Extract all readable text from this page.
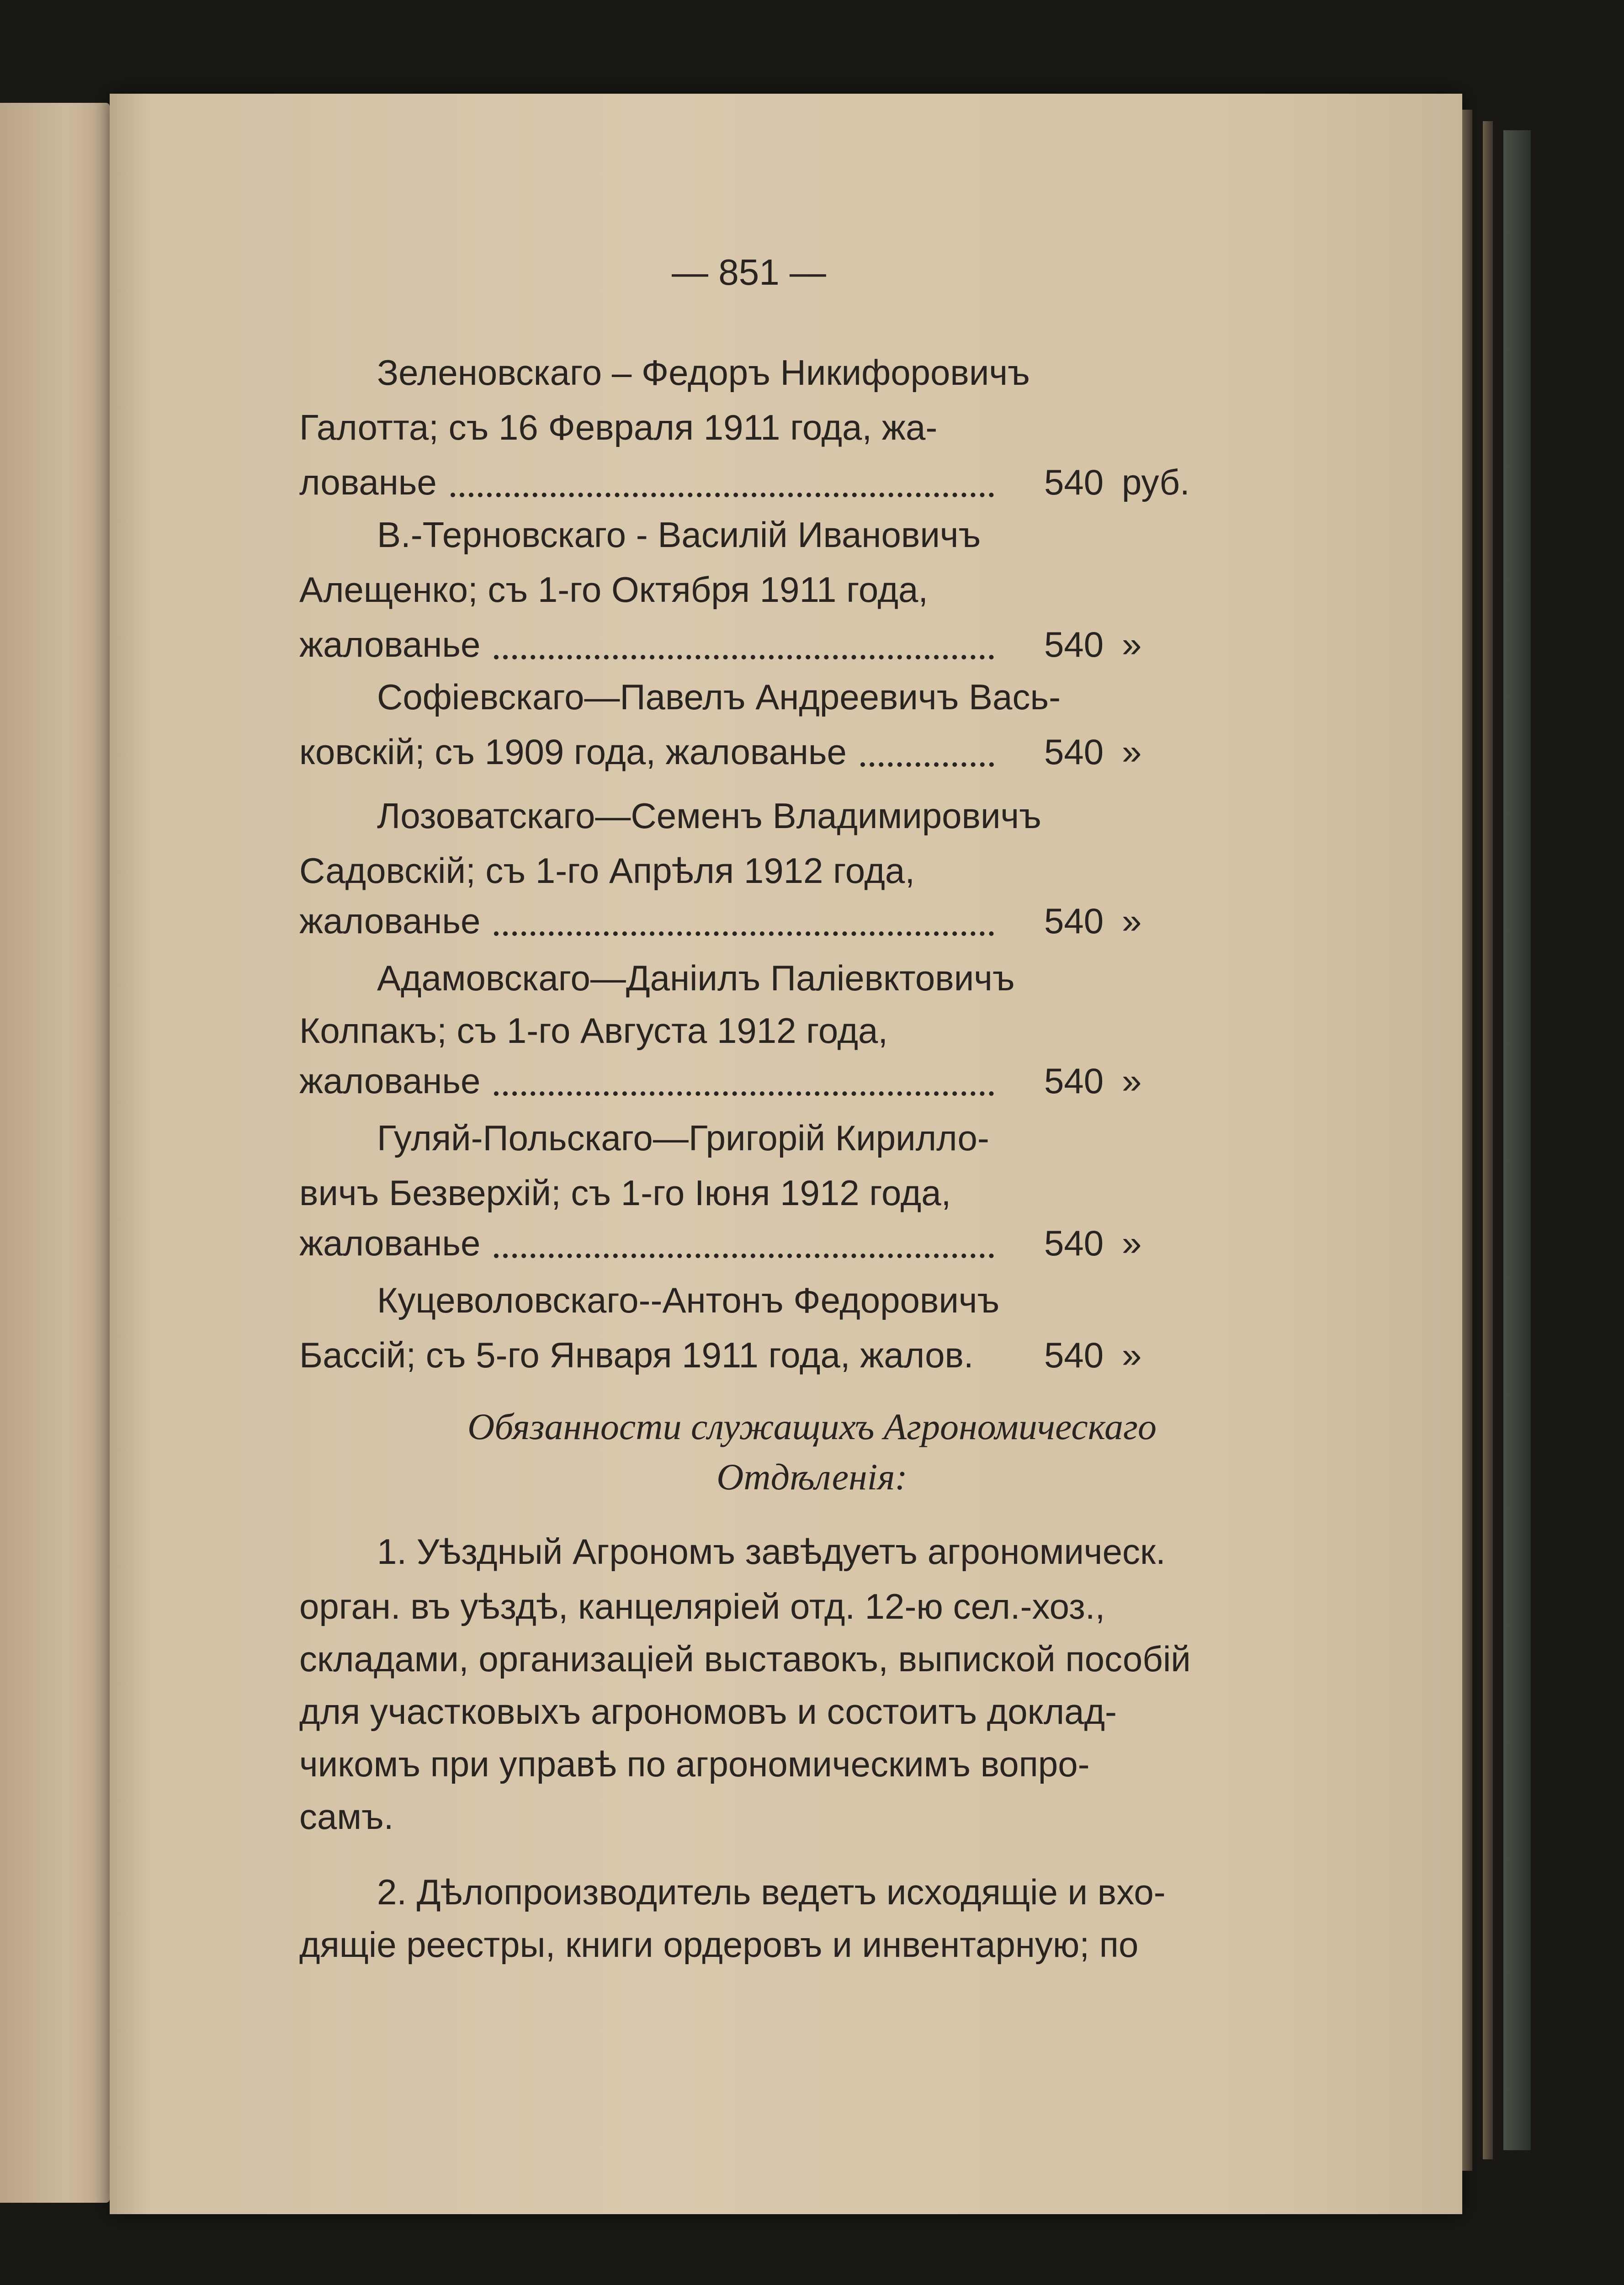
— 851 —
Зеленовскаго – Федоръ Никифоровичъ
Галотта; съ 16 Февраля 1911 года, жа-
лованье	540 руб.
В.-Терновскаго - Василій Ивановичъ
Алещенко; съ 1-го Октября 1911 года,
жалованье	540 »
Софіевскаго—Павелъ Андреевичъ Вась-
ковскій; съ 1909 года, жалованье	540 »
Лозоватскаго—Семенъ Владимировичъ
Садовскій; съ 1-го Апрѣля 1912 года,
жалованье	540 »
Адамовскаго—Даніилъ Паліевктовичъ
Колпакъ; съ 1-го Августа 1912 года,
жалованье	540 »
Гуляй-Польскаго—Григорій Кирилло-
вичъ Безверхій; съ 1-го Іюня 1912 года,
жалованье	540 »
Куцеволовскаго--Антонъ Федоровичъ
Бассій; съ 5-го Января 1911 года, жалов. 540 »
Обязанности служащихъ Агрономическаго
Отдѣленія:
1. Уѣздный Агрономъ завѣдуетъ агрономическ.
орган. въ уѣздѣ, канцеляріей отд. 12-ю сел.-хоз.,
складами, организаціей выставокъ, выпиской пособій
для участковыхъ агрономовъ и состоитъ доклад-
чикомъ при управѣ по агрономическимъ вопро-
самъ.
2. Дѣлопроизводитель ведетъ исходящіе и вхо-
дящіе реестры, книги ордеровъ и инвентарную; по
